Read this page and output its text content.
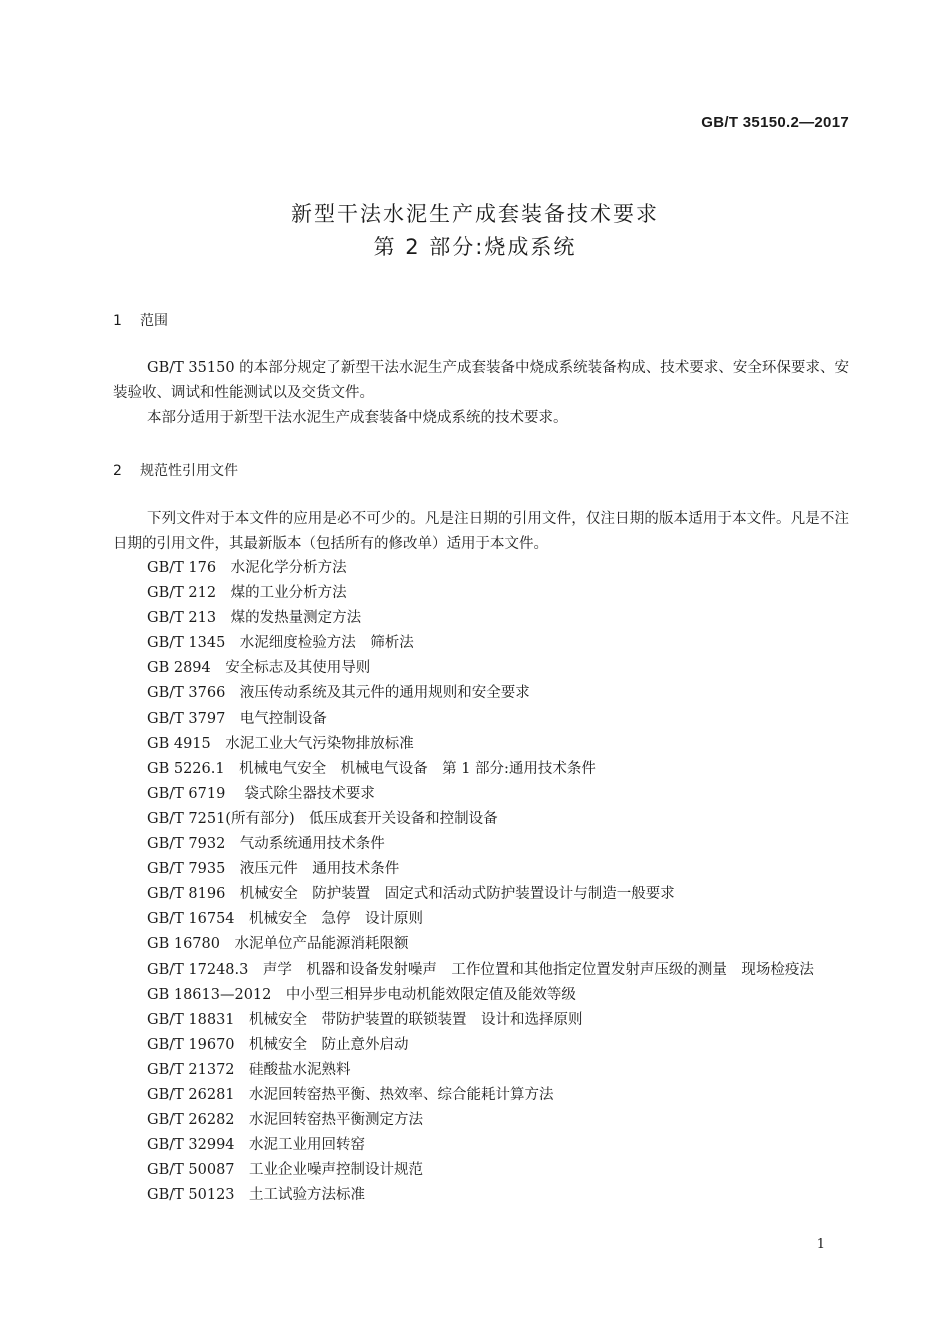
GB/T 35150.2—2017
新型干法水泥生产成套装备技术要求
第 2 部分:烧成系统
1 范围

GB/T 35150 的本部分规定了新型干法水泥生产成套装备中烧成系统装备构成、技术要求、安全环保要求、安装验收、调试和性能测试以及交货文件。

本部分适用于新型干法水泥生产成套装备中烧成系统的技术要求。

2 规范性引用文件

下列文件对于本文件的应用是必不可少的。凡是注日期的引用文件，仅注日期的版本适用于本文件。凡是不注日期的引用文件，其最新版本（包括所有的修改单）适用于本文件。

GB/T 176　水泥化学分析方法
GB/T 212　煤的工业分析方法
GB/T 213　煤的发热量测定方法
GB/T 1345　水泥细度检验方法　筛析法
GB 2894　安全标志及其使用导则
GB/T 3766　液压传动系统及其元件的通用规则和安全要求
GB/T 3797　电气控制设备
GB 4915　水泥工业大气污染物排放标准
GB 5226.1　机械电气安全　机械电气设备　第 1 部分:通用技术条件
GB/T 6719　 袋式除尘器技术要求
GB/T 7251(所有部分)　低压成套开关设备和控制设备
GB/T 7932　气动系统通用技术条件
GB/T 7935　液压元件　通用技术条件
GB/T 8196　机械安全　防护装置　固定式和活动式防护装置设计与制造一般要求
GB/T 16754　机械安全　急停　设计原则
GB 16780　水泥单位产品能源消耗限额
GB/T 17248.3　声学　机器和设备发射噪声　工作位置和其他指定位置发射声压级的测量　现场检疫法
GB 18613—2012　中小型三相异步电动机能效限定值及能效等级
GB/T 18831　机械安全　带防护装置的联锁装置　设计和选择原则
GB/T 19670　机械安全　防止意外启动
GB/T 21372　硅酸盐水泥熟料
GB/T 26281　水泥回转窑热平衡、热效率、综合能耗计算方法
GB/T 26282　水泥回转窑热平衡测定方法
GB/T 32994　水泥工业用回转窑
GB/T 50087　工业企业噪声控制设计规范
GB/T 50123　土工试验方法标准
1
